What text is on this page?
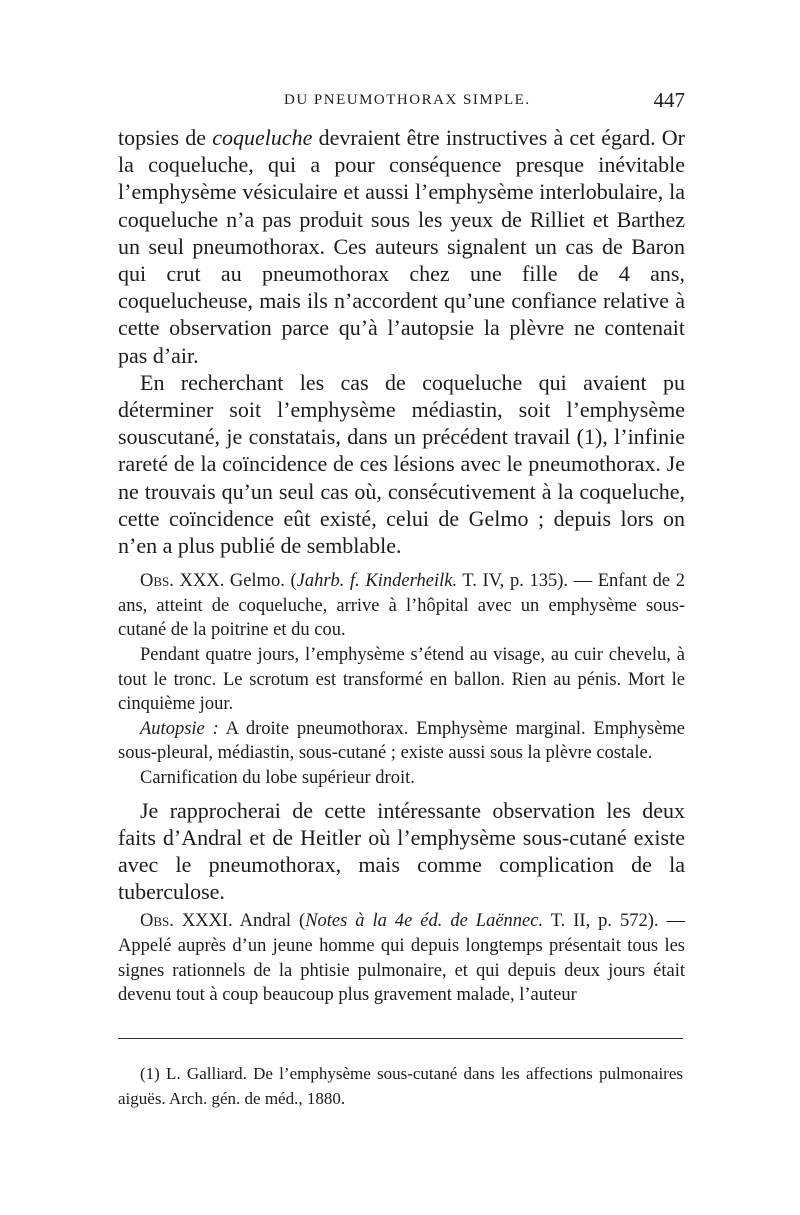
DU PNEUMOTHORAX SIMPLE.	447

topsies de coqueluche devraient être instructives à cet égard. Or la coqueluche, qui a pour conséquence presque inévitable l’emphysème vésiculaire et aussi l’emphysème interlobulaire, la coqueluche n’a pas produit sous les yeux de Rilliet et Barthez un seul pneumothorax. Ces auteurs signalent un cas de Baron qui crut au pneumothorax chez une fille de 4 ans, coquelucheuse, mais ils n’accordent qu’une confiance relative à cette observation parce qu’à l’autopsie la plèvre ne contenait pas d’air.

En recherchant les cas de coqueluche qui avaient pu déterminer soit l’emphysème médiastin, soit l’emphysème souscutané, je constatais, dans un précédent travail (1), l’infinie rareté de la coïncidence de ces lésions avec le pneumothorax. Je ne trouvais qu’un seul cas où, consécutivement à la coqueluche, cette coïncidence eût existé, celui de Gelmo ; depuis lors on n’en a plus publié de semblable.

Obs. XXX. Gelmo. (Jahrb. f. Kinderheilk. T. IV, p. 135). — Enfant de 2 ans, atteint de coqueluche, arrive à l’hôpital avec un emphysème sous-cutané de la poitrine et du cou.

Pendant quatre jours, l’emphysème s’étend au visage, au cuir chevelu, à tout le tronc. Le scrotum est transformé en ballon. Rien au pénis. Mort le cinquième jour.

Autopsie : A droite pneumothorax. Emphysème marginal. Emphysème sous-pleural, médiastin, sous-cutané ; existe aussi sous la plèvre costale.

Carnification du lobe supérieur droit.

Je rapprocherai de cette intéressante observation les deux faits d’Andral et de Heitler où l’emphysème sous-cutané existe avec le pneumothorax, mais comme complication de la tuberculose.

Obs. XXXI. Andral (Notes à la 4e éd. de Laënnec. T. II, p. 572). — Appelé auprès d’un jeune homme qui depuis longtemps présentait tous les signes rationnels de la phtisie pulmonaire, et qui depuis deux jours était devenu tout à coup beaucoup plus gravement malade, l’auteur

(1) L. Galliard. De l’emphysème sous-cutané dans les affections pulmonaires aiguës. Arch. gén. de méd., 1880.
